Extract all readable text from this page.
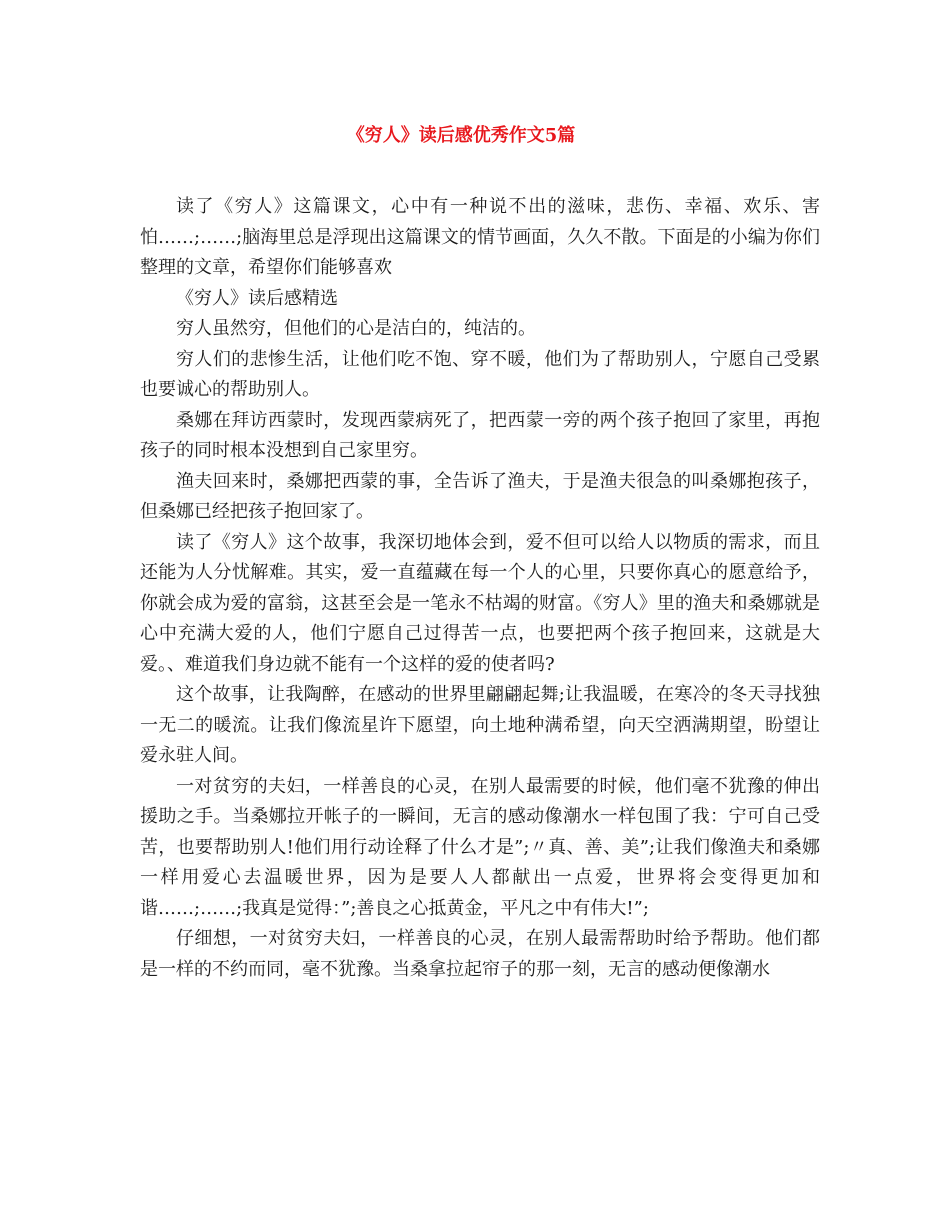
《穷人》读后感优秀作文5篇

读了《穷人》这篇课文，心中有一种说不出的滋味，悲伤、幸福、欢乐、害怕……;……;脑海里总是浮现出这篇课文的情节画面，久久不散。下面是的小编为你们整理的文章，希望你们能够喜欢

《穷人》读后感精选

穷人虽然穷，但他们的心是洁白的，纯洁的。

穷人们的悲惨生活，让他们吃不饱、穿不暖，他们为了帮助别人，宁愿自己受累也要诚心的帮助别人。

桑娜在拜访西蒙时，发现西蒙病死了，把西蒙一旁的两个孩子抱回了家里，再抱孩子的同时根本没想到自己家里穷。

渔夫回来时，桑娜把西蒙的事，全告诉了渔夫，于是渔夫很急的叫桑娜抱孩子，但桑娜已经把孩子抱回家了。

读了《穷人》这个故事，我深切地体会到，爱不但可以给人以物质的需求，而且还能为人分忧解难。其实，爱一直蕴藏在每一个人的心里，只要你真心的愿意给予，你就会成为爱的富翁，这甚至会是一笔永不枯竭的财富。《穷人》里的渔夫和桑娜就是心中充满大爱的人，他们宁愿自己过得苦一点，也要把两个孩子抱回来，这就是大爱。、难道我们身边就不能有一个这样的爱的使者吗?

这个故事，让我陶醉，在感动的世界里翩翩起舞;让我温暖，在寒冷的冬天寻找独一无二的暖流。让我们像流星许下愿望，向土地种满希望，向天空洒满期望，盼望让爱永驻人间。

一对贫穷的夫妇，一样善良的心灵，在别人最需要的时候，他们毫不犹豫的伸出援助之手。当桑娜拉开帐子的一瞬间，无言的感动像潮水一样包围了我：宁可自己受苦，也要帮助别人!他们用行动诠释了什么才是”;〃真、善、美”;让我们像渔夫和桑娜一样用爱心去温暖世界，因为是要人人都献出一点爱，世界将会变得更加和谐……;……;我真是觉得：”;善良之心抵黄金，平凡之中有伟大!”;

仔细想，一对贫穷夫妇，一样善良的心灵，在别人最需帮助时给予帮助。他们都是一样的不约而同，毫不犹豫。当桑拿拉起帘子的那一刻，无言的感动便像潮水
